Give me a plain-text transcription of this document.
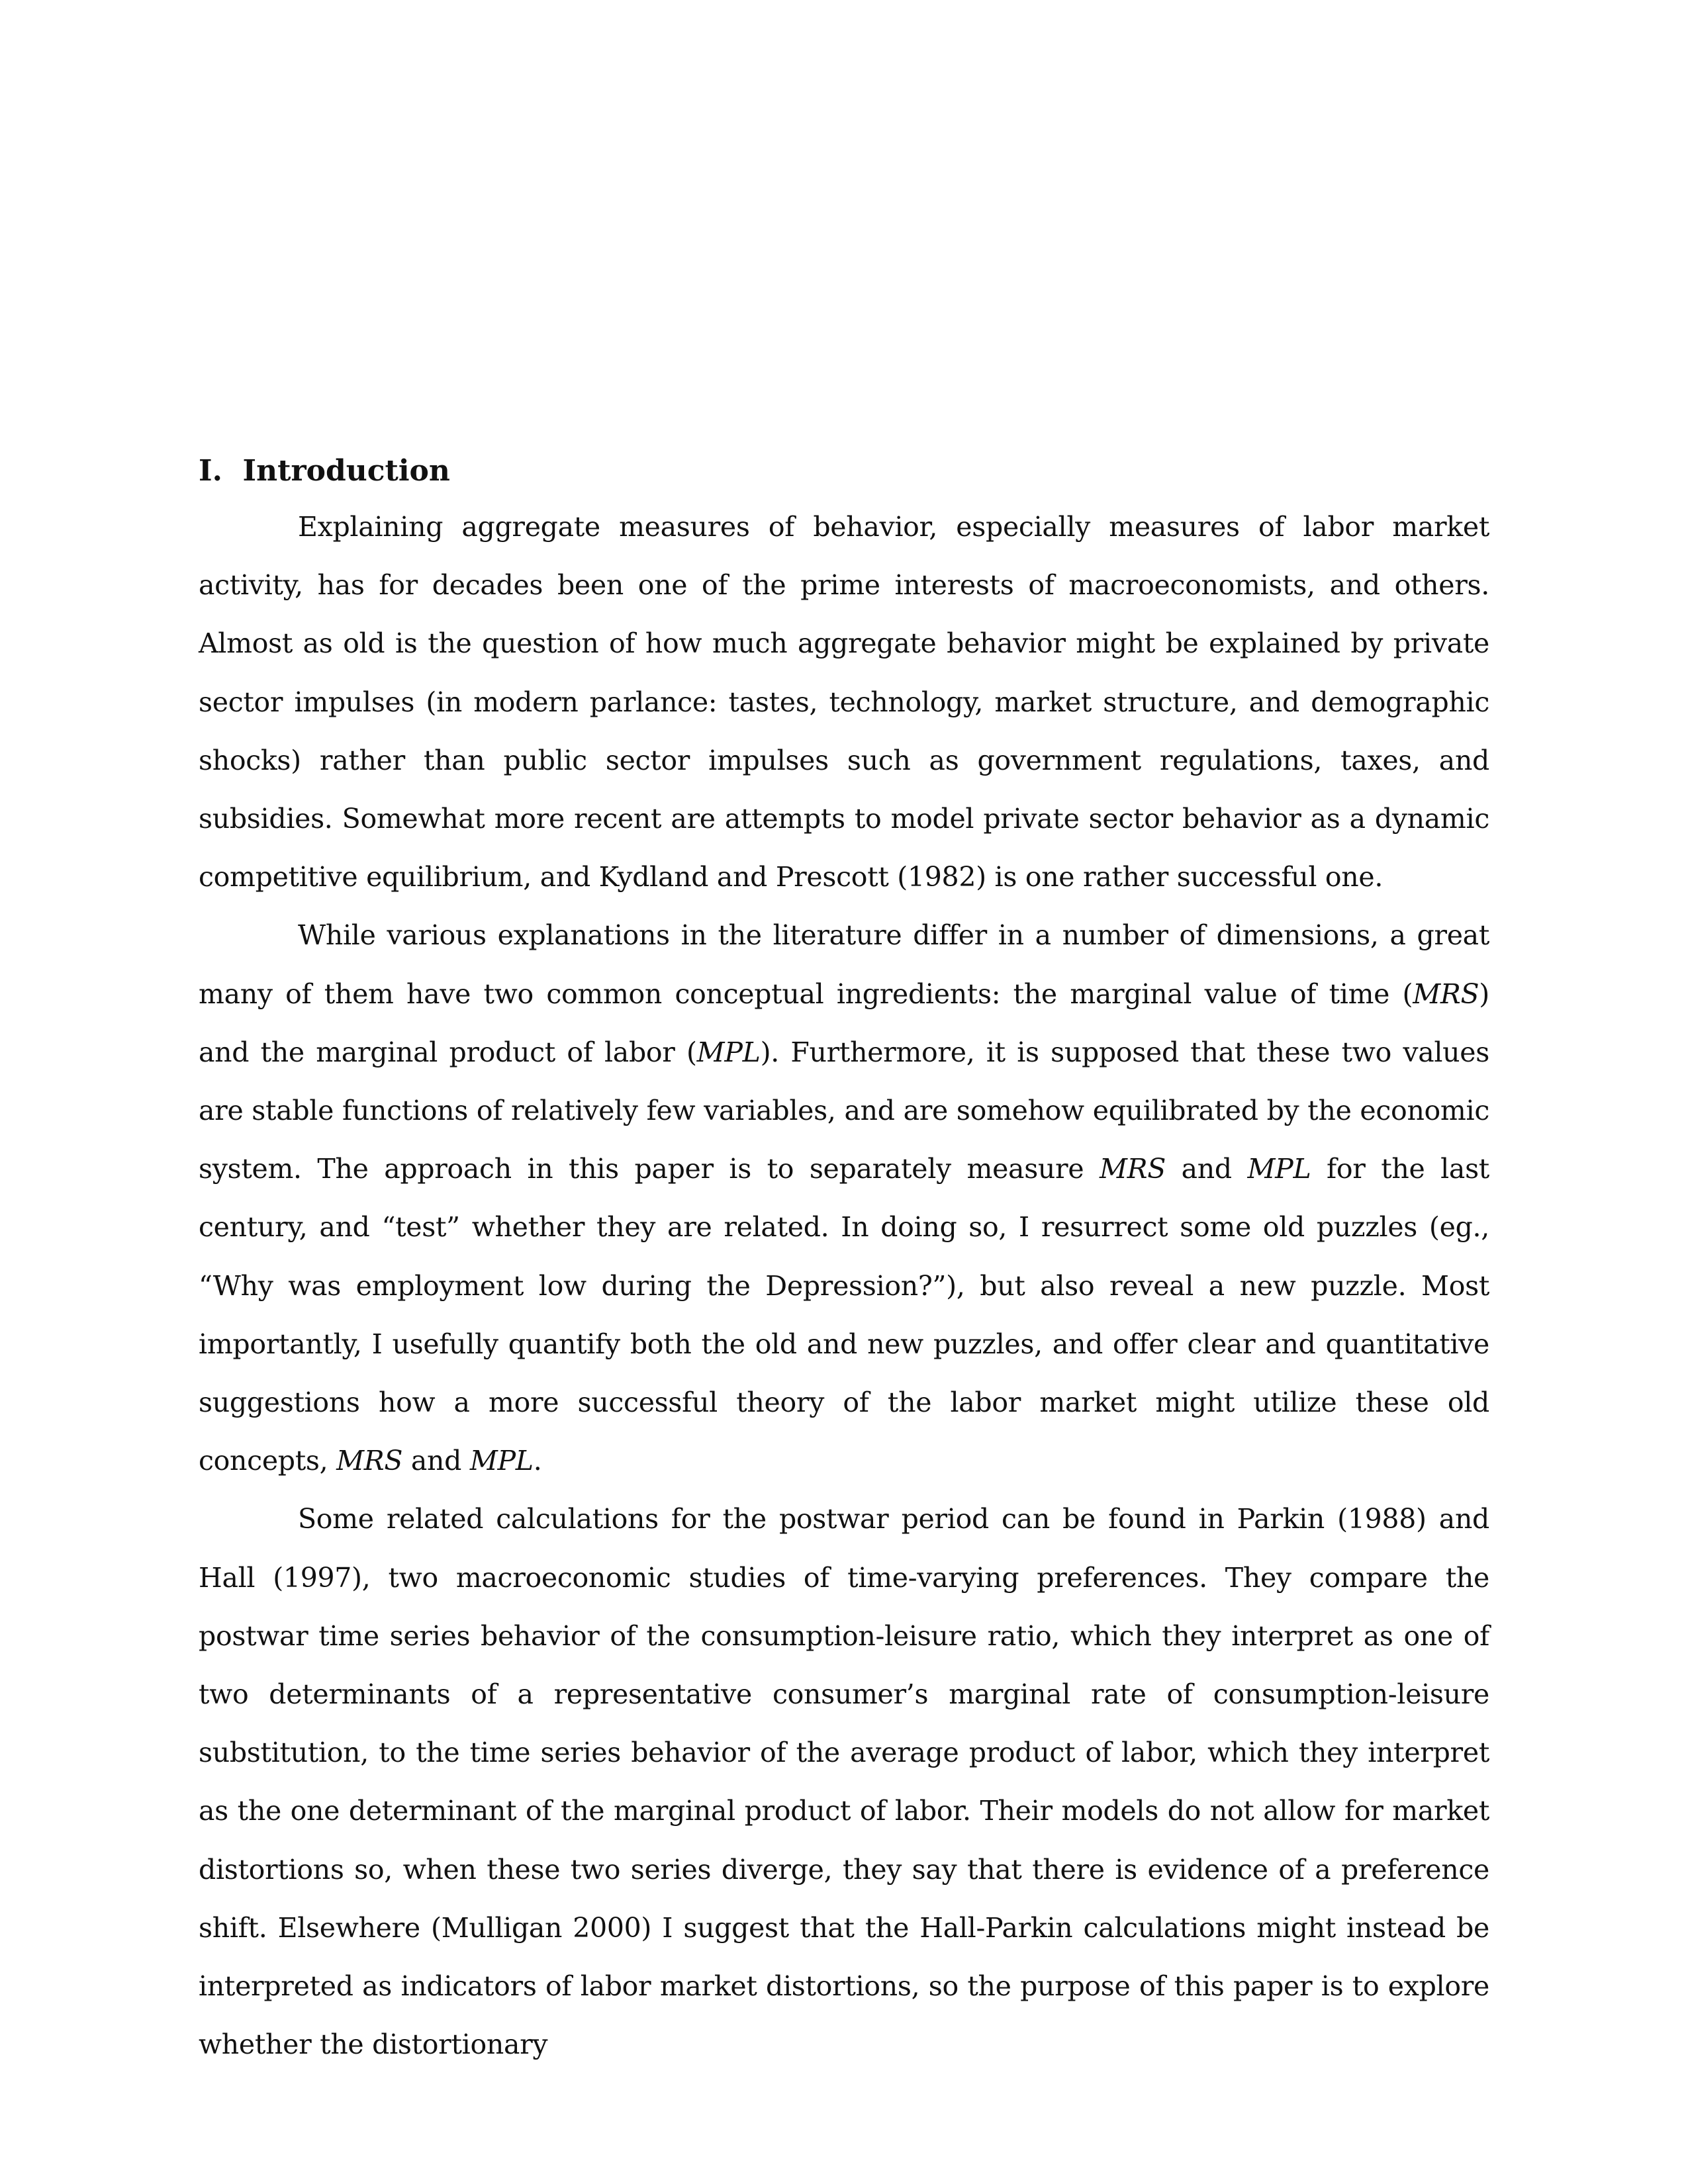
I. Introduction

Explaining aggregate measures of behavior, especially measures of labor market activity, has for decades been one of the prime interests of macroeconomists, and others. Almost as old is the question of how much aggregate behavior might be explained by private sector impulses (in modern parlance: tastes, technology, market structure, and demographic shocks) rather than public sector impulses such as government regulations, taxes, and subsidies. Somewhat more recent are attempts to model private sector behavior as a dynamic competitive equilibrium, and Kydland and Prescott (1982) is one rather successful one.

While various explanations in the literature differ in a number of dimensions, a great many of them have two common conceptual ingredients: the marginal value of time (MRS) and the marginal product of labor (MPL). Furthermore, it is supposed that these two values are stable functions of relatively few variables, and are somehow equilibrated by the economic system. The approach in this paper is to separately measure MRS and MPL for the last century, and “test” whether they are related. In doing so, I resurrect some old puzzles (eg., “Why was employment low during the Depression?”), but also reveal a new puzzle. Most importantly, I usefully quantify both the old and new puzzles, and offer clear and quantitative suggestions how a more successful theory of the labor market might utilize these old concepts, MRS and MPL.

Some related calculations for the postwar period can be found in Parkin (1988) and Hall (1997), two macroeconomic studies of time-varying preferences. They compare the postwar time series behavior of the consumption-leisure ratio, which they interpret as one of two determinants of a representative consumer’s marginal rate of consumption-leisure substitution, to the time series behavior of the average product of labor, which they interpret as the one determinant of the marginal product of labor. Their models do not allow for market distortions so, when these two series diverge, they say that there is evidence of a preference shift. Elsewhere (Mulligan 2000) I suggest that the Hall-Parkin calculations might instead be interpreted as indicators of labor market distortions, so the purpose of this paper is to explore whether the distortionary
